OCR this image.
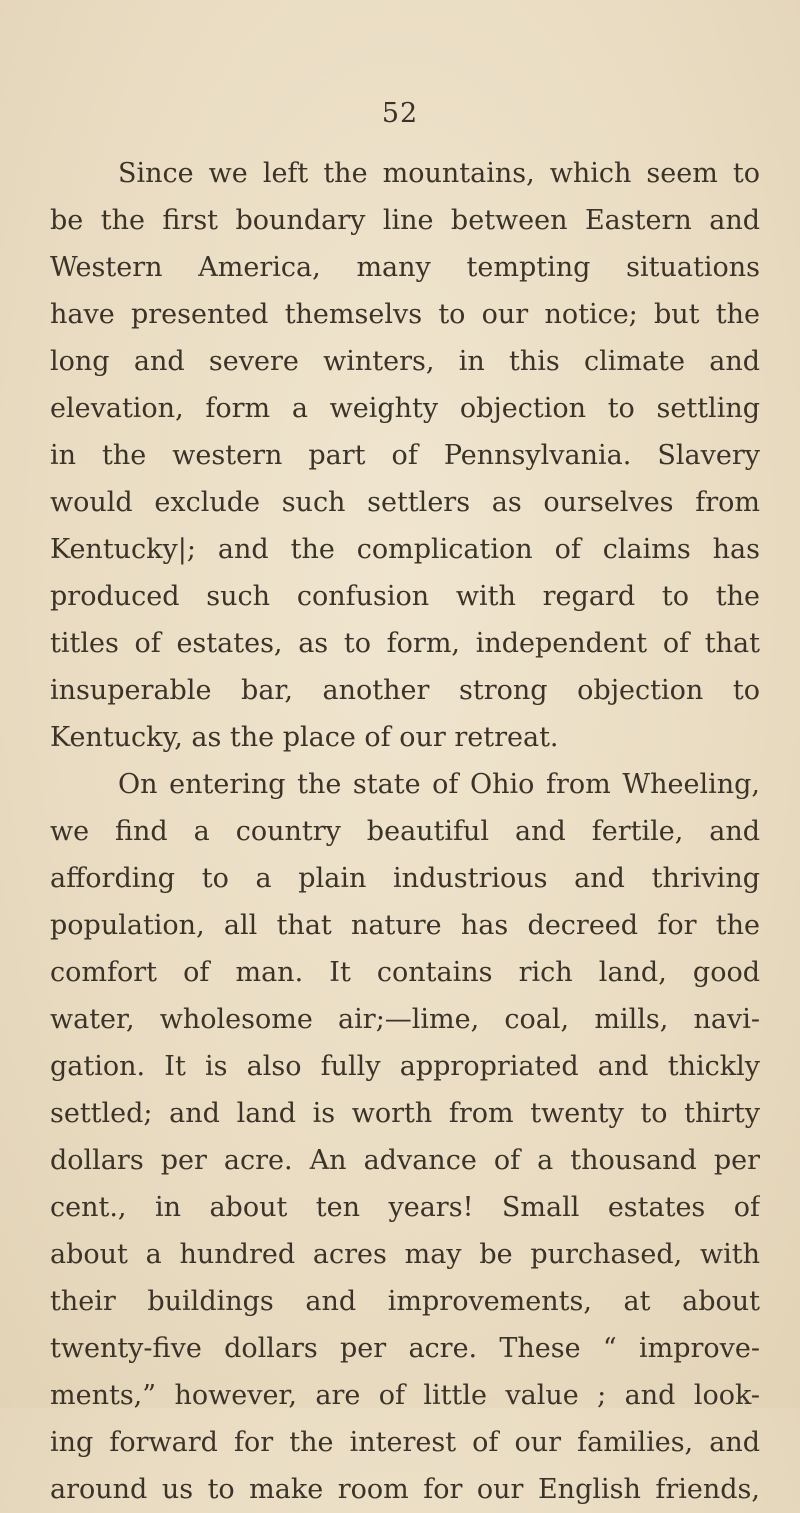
52
Since we left the mountains, which seem to
be the first boundary line between Eastern and
Western America, many tempting situations
have presented themselvs to our notice; but the
long and severe winters, in this climate and
elevation, form a weighty objection to settling
in the western part of Pennsylvania. Slavery
would exclude such settlers as ourselves from
Kentucky|; and the complication of claims has
produced such confusion with regard to the
titles of estates, as to form, independent of that
insuperable bar, another strong objection to
Kentucky, as the place of our retreat.
On entering the state of Ohio from Wheeling,
we find a country beautiful and fertile, and
affording to a plain industrious and thriving
population, all that nature has decreed for the
comfort of man. It contains rich land, good
water, wholesome air;—lime, coal, mills, navi-
gation. It is also fully appropriated and thickly
settled; and land is worth from twenty to thirty
dollars per acre. An advance of a thousand per
cent., in about ten years! Small estates of
about a hundred acres may be purchased, with
their buildings and improvements, at about
twenty-five dollars per acre. These “ improve-
ments,” however, are of little value ; and look-
ing forward for the interest of our families, and
around us to make room for our English friends,
